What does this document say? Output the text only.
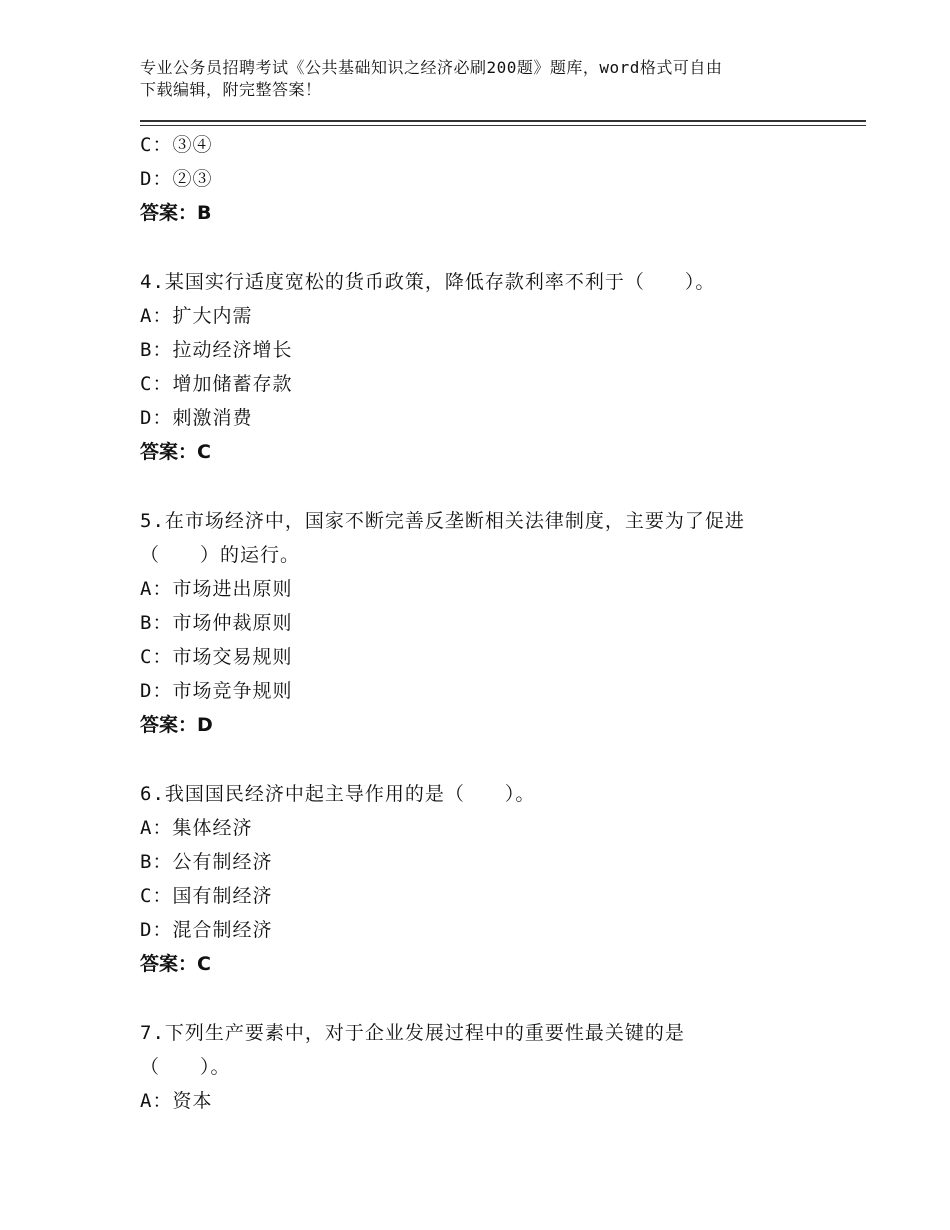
专业公务员招聘考试《公共基础知识之经济必刷200题》题库，word格式可自由
下载编辑，附完整答案！
C：③④
D：②③
答案：B
4.某国实行适度宽松的货币政策，降低存款利率不利于（　　）。
A：扩大内需
B：拉动经济增长
C：增加储蓄存款
D：刺激消费
答案：C
5.在市场经济中，国家不断完善反垄断相关法律制度，主要为了促进
（　　）的运行。
A：市场进出原则
B：市场仲裁原则
C：市场交易规则
D：市场竞争规则
答案：D
6.我国国民经济中起主导作用的是（　　）。
A：集体经济
B：公有制经济
C：国有制经济
D：混合制经济
答案：C
7.下列生产要素中，对于企业发展过程中的重要性最关键的是
（　　）。
A：资本
